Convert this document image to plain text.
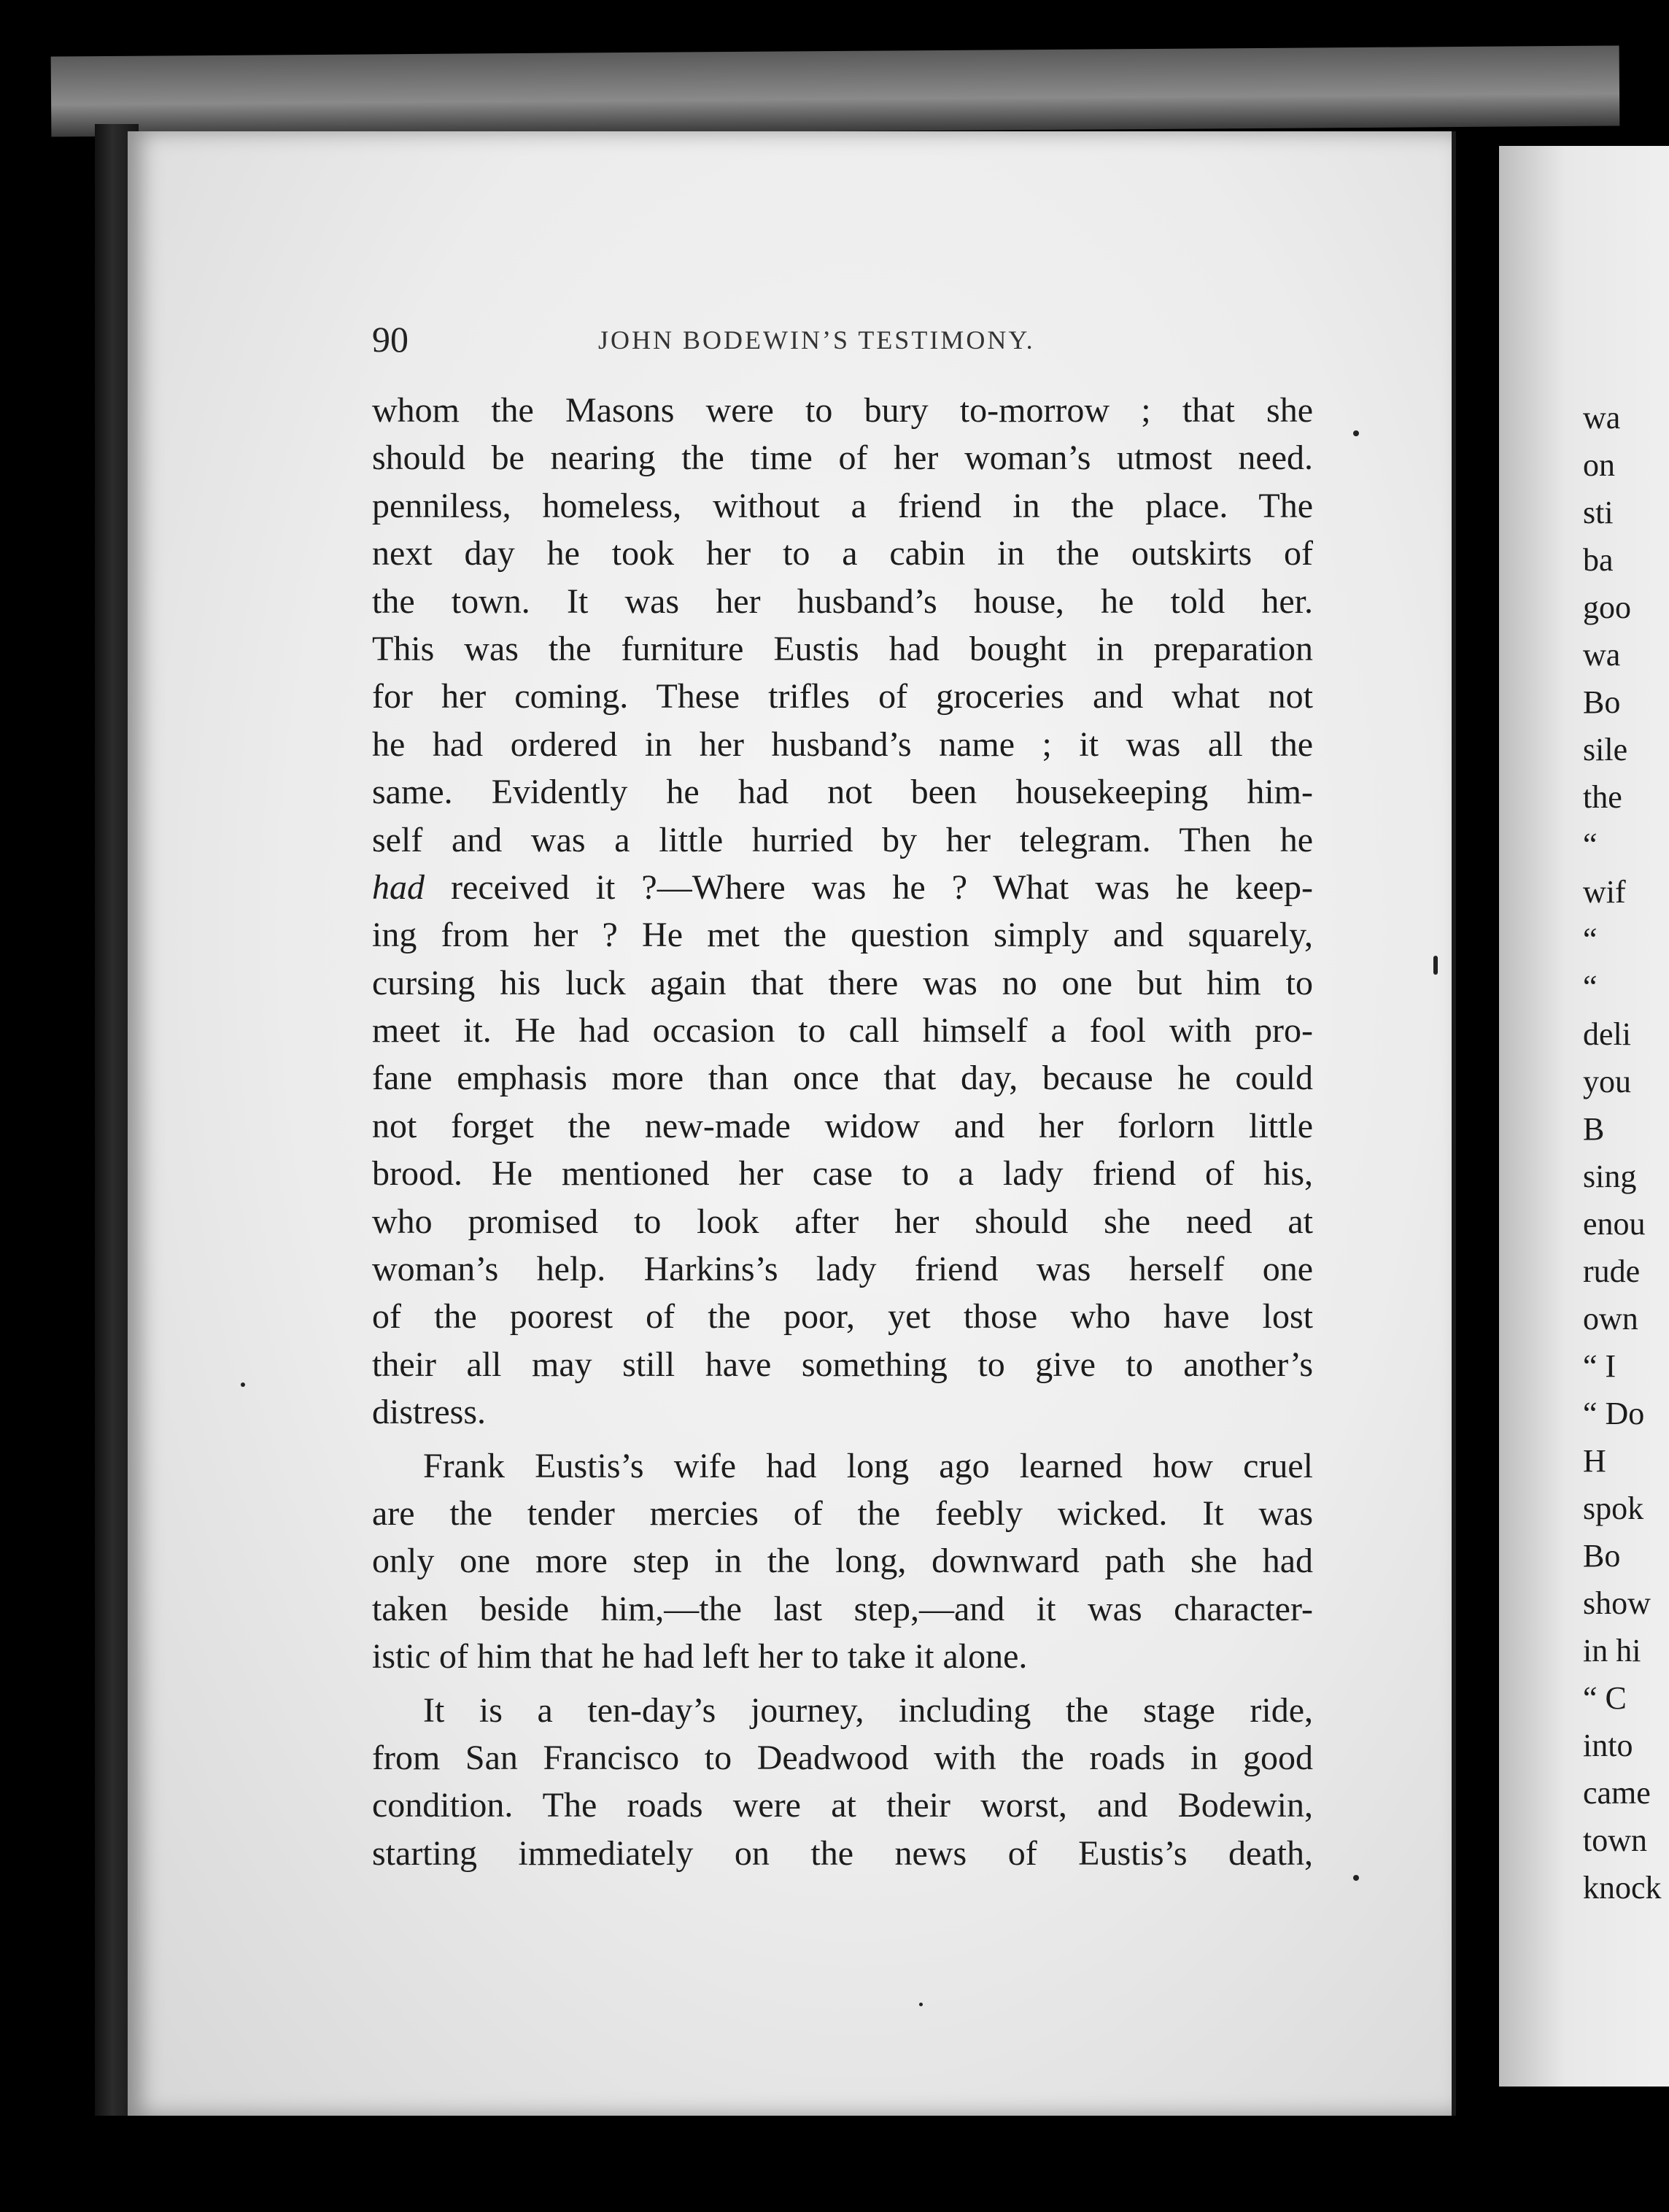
wa
on
sti
ba
goo
wa
Bo
sile
the
“
wif
“
“
deli
you
B
sing
enou
rude
own
“ I
“ Do
H
spok
Bo
show
in hi
“ C
into
came
town
knock
90	JOHN BODEWIN’S TESTIMONY.
whom the Masons were to bury to-morrow ; that she
should be nearing the time of her woman’s utmost need.
penniless, homeless, without a friend in the place. The
next day he took her to a cabin in the outskirts of
the town. It was her husband’s house, he told her.
This was the furniture Eustis had bought in preparation
for her coming. These trifles of groceries and what not
he had ordered in her husband’s name ; it was all the
same. Evidently he had not been housekeeping him-
self and was a little hurried by her telegram. Then he
had received it ?—Where was he ? What was he keep-
ing from her ? He met the question simply and squarely,
cursing his luck again that there was no one but him to
meet it. He had occasion to call himself a fool with pro-
fane emphasis more than once that day, because he could
not forget the new-made widow and her forlorn little
brood. He mentioned her case to a lady friend of his,
who promised to look after her should she need at
woman’s help. Harkins’s lady friend was herself one
of the poorest of the poor, yet those who have lost
their all may still have something to give to another’s
distress.
Frank Eustis’s wife had long ago learned how cruel
are the tender mercies of the feebly wicked. It was
only one more step in the long, downward path she had
taken beside him,—the last step,—and it was character-
istic of him that he had left her to take it alone.
It is a ten-day’s journey, including the stage ride,
from San Francisco to Deadwood with the roads in good
condition. The roads were at their worst, and Bodewin,
starting immediately on the news of Eustis’s death,
